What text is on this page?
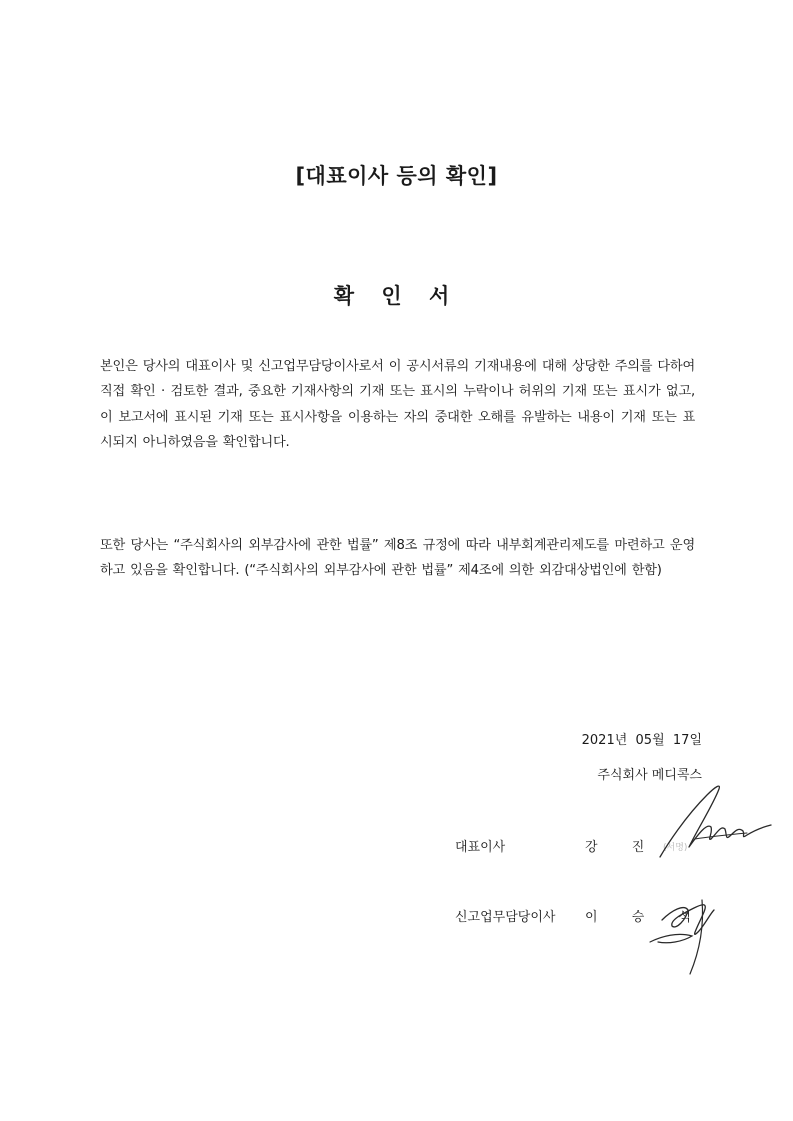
[대표이사 등의 확인]
확 인 서
본인은 당사의 대표이사 및 신고업무담당이사로서 이 공시서류의 기재내용에 대해 상당한 주의를 다하여 직접 확인 · 검토한 결과, 중요한 기재사항의 기재 또는 표시의 누락이나 허위의 기재 또는 표시가 없고, 이 보고서에 표시된 기재 또는 표시사항을 이용하는 자의 중대한 오해를 유발하는 내용이 기재 또는 표시되지 아니하였음을 확인합니다.
또한 당사는 “주식회사의 외부감사에 관한 법률” 제8조 규정에 따라 내부회계관리제도를 마련하고 운영하고 있음을 확인합니다. (“주식회사의 외부감사에 관한 법률” 제4조에 의한 외감대상법인에 한함)
2021년  05월  17일
주식회사 메디콕스
대표이사	강 진 (서명)
신고업무담당이사 이 승 석
